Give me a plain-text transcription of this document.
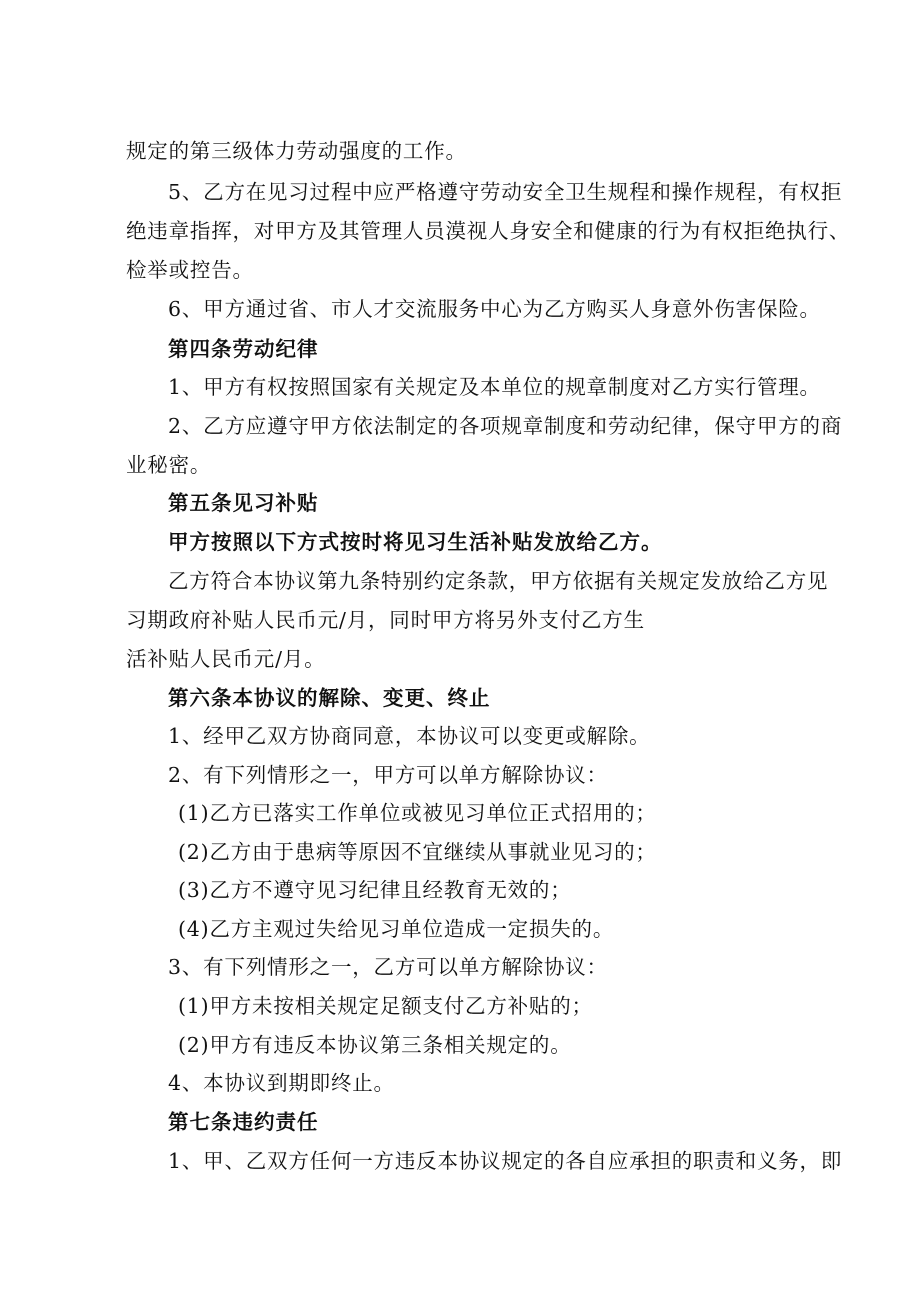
规定的第三级体力劳动强度的工作。

5、乙方在见习过程中应严格遵守劳动安全卫生规程和操作规程，有权拒

绝违章指挥，对甲方及其管理人员漠视人身安全和健康的行为有权拒绝执行、

检举或控告。

6、甲方通过省、市人才交流服务中心为乙方购买人身意外伤害保险。

第四条劳动纪律

1、甲方有权按照国家有关规定及本单位的规章制度对乙方实行管理。

2、乙方应遵守甲方依法制定的各项规章制度和劳动纪律，保守甲方的商

业秘密。

第五条见习补贴

甲方按照以下方式按时将见习生活补贴发放给乙方。

乙方符合本协议第九条特别约定条款，甲方依据有关规定发放给乙方见

习期政府补贴人民币元/月，同时甲方将另外支付乙方生

活补贴人民币元/月。

第六条本协议的解除、变更、终止

1、经甲乙双方协商同意，本协议可以变更或解除。

2、有下列情形之一，甲方可以单方解除协议：

(1)乙方已落实工作单位或被见习单位正式招用的；

(2)乙方由于患病等原因不宜继续从事就业见习的；

(3)乙方不遵守见习纪律且经教育无效的；

(4)乙方主观过失给见习单位造成一定损失的。

3、有下列情形之一，乙方可以单方解除协议：

(1)甲方未按相关规定足额支付乙方补贴的；

(2)甲方有违反本协议第三条相关规定的。

4、本协议到期即终止。

第七条违约责任

1、甲、乙双方任何一方违反本协议规定的各自应承担的职责和义务，即
